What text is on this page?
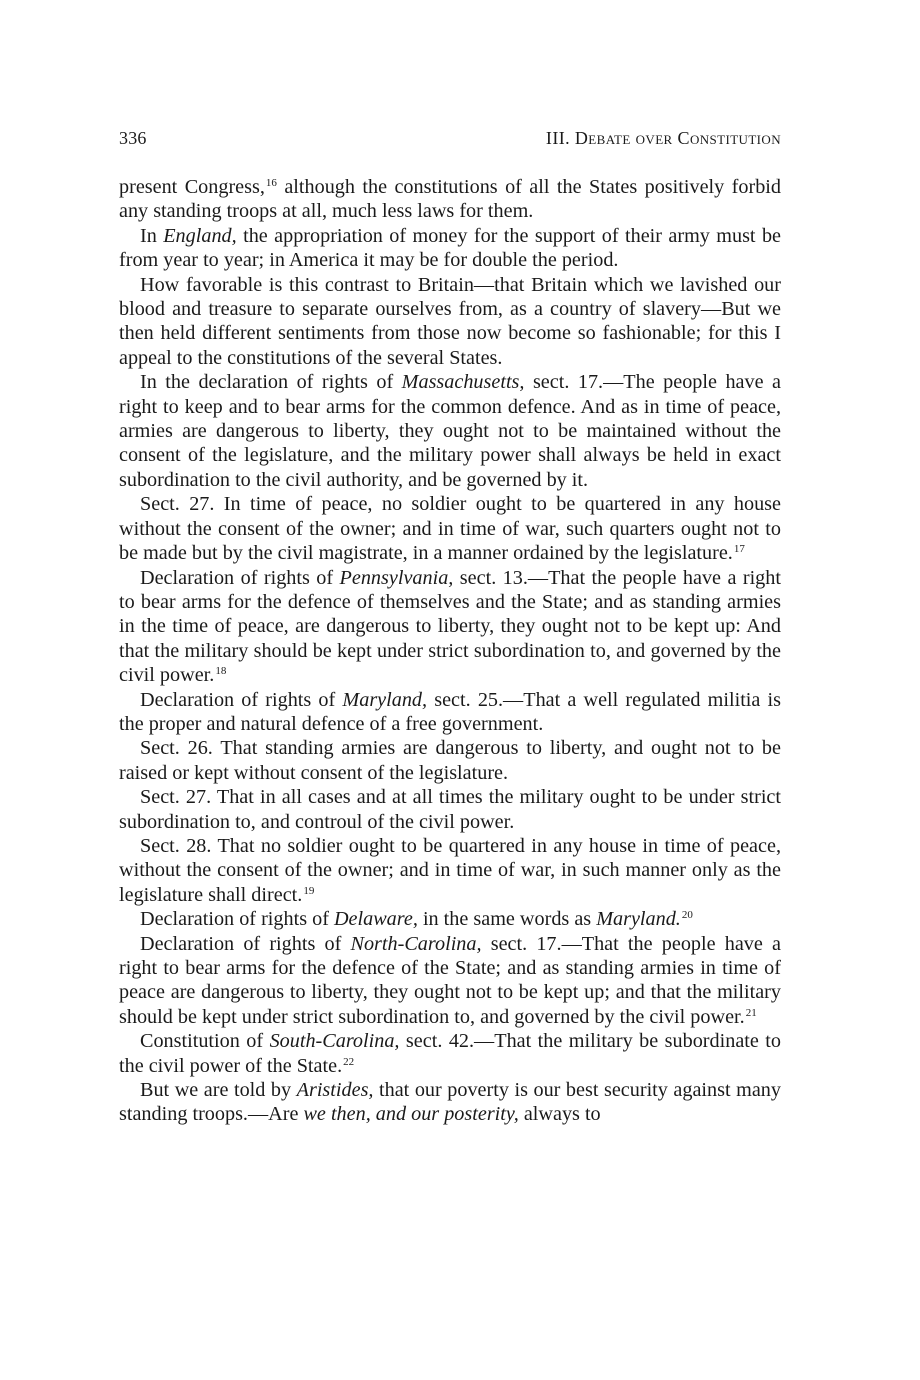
336	III. Debate over Constitution

present Congress,$^{16}$ although the constitutions of all the States positively forbid any standing troops at all, much less laws for them.

In England, the appropriation of money for the support of their army must be from year to year; in America it may be for double the period.

How favorable is this contrast to Britain—that Britain which we lavished our blood and treasure to separate ourselves from, as a country of slavery—But we then held different sentiments from those now become so fashionable; for this I appeal to the constitutions of the several States.

In the declaration of rights of Massachusetts, sect. 17.—The people have a right to keep and to bear arms for the common defence. And as in time of peace, armies are dangerous to liberty, they ought not to be maintained without the consent of the legislature, and the military power shall always be held in exact subordination to the civil authority, and be governed by it.

Sect. 27. In time of peace, no soldier ought to be quartered in any house without the consent of the owner; and in time of war, such quarters ought not to be made but by the civil magistrate, in a manner ordained by the legislature.$^{17}$

Declaration of rights of Pennsylvania, sect. 13.—That the people have a right to bear arms for the defence of themselves and the State; and as standing armies in the time of peace, are dangerous to liberty, they ought not to be kept up: And that the military should be kept under strict subordination to, and governed by the civil power.$^{18}$

Declaration of rights of Maryland, sect. 25.—That a well regulated militia is the proper and natural defence of a free government.

Sect. 26. That standing armies are dangerous to liberty, and ought not to be raised or kept without consent of the legislature.

Sect. 27. That in all cases and at all times the military ought to be under strict subordination to, and controul of the civil power.

Sect. 28. That no soldier ought to be quartered in any house in time of peace, without the consent of the owner; and in time of war, in such manner only as the legislature shall direct.$^{19}$

Declaration of rights of Delaware, in the same words as Maryland.$^{20}$

Declaration of rights of North-Carolina, sect. 17.—That the people have a right to bear arms for the defence of the State; and as standing armies in time of peace are dangerous to liberty, they ought not to be kept up; and that the military should be kept under strict subordination to, and governed by the civil power.$^{21}$

Constitution of South-Carolina, sect. 42.—That the military be subordinate to the civil power of the State.$^{22}$

But we are told by Aristides, that our poverty is our best security against many standing troops.—Are we then, and our posterity, always to
